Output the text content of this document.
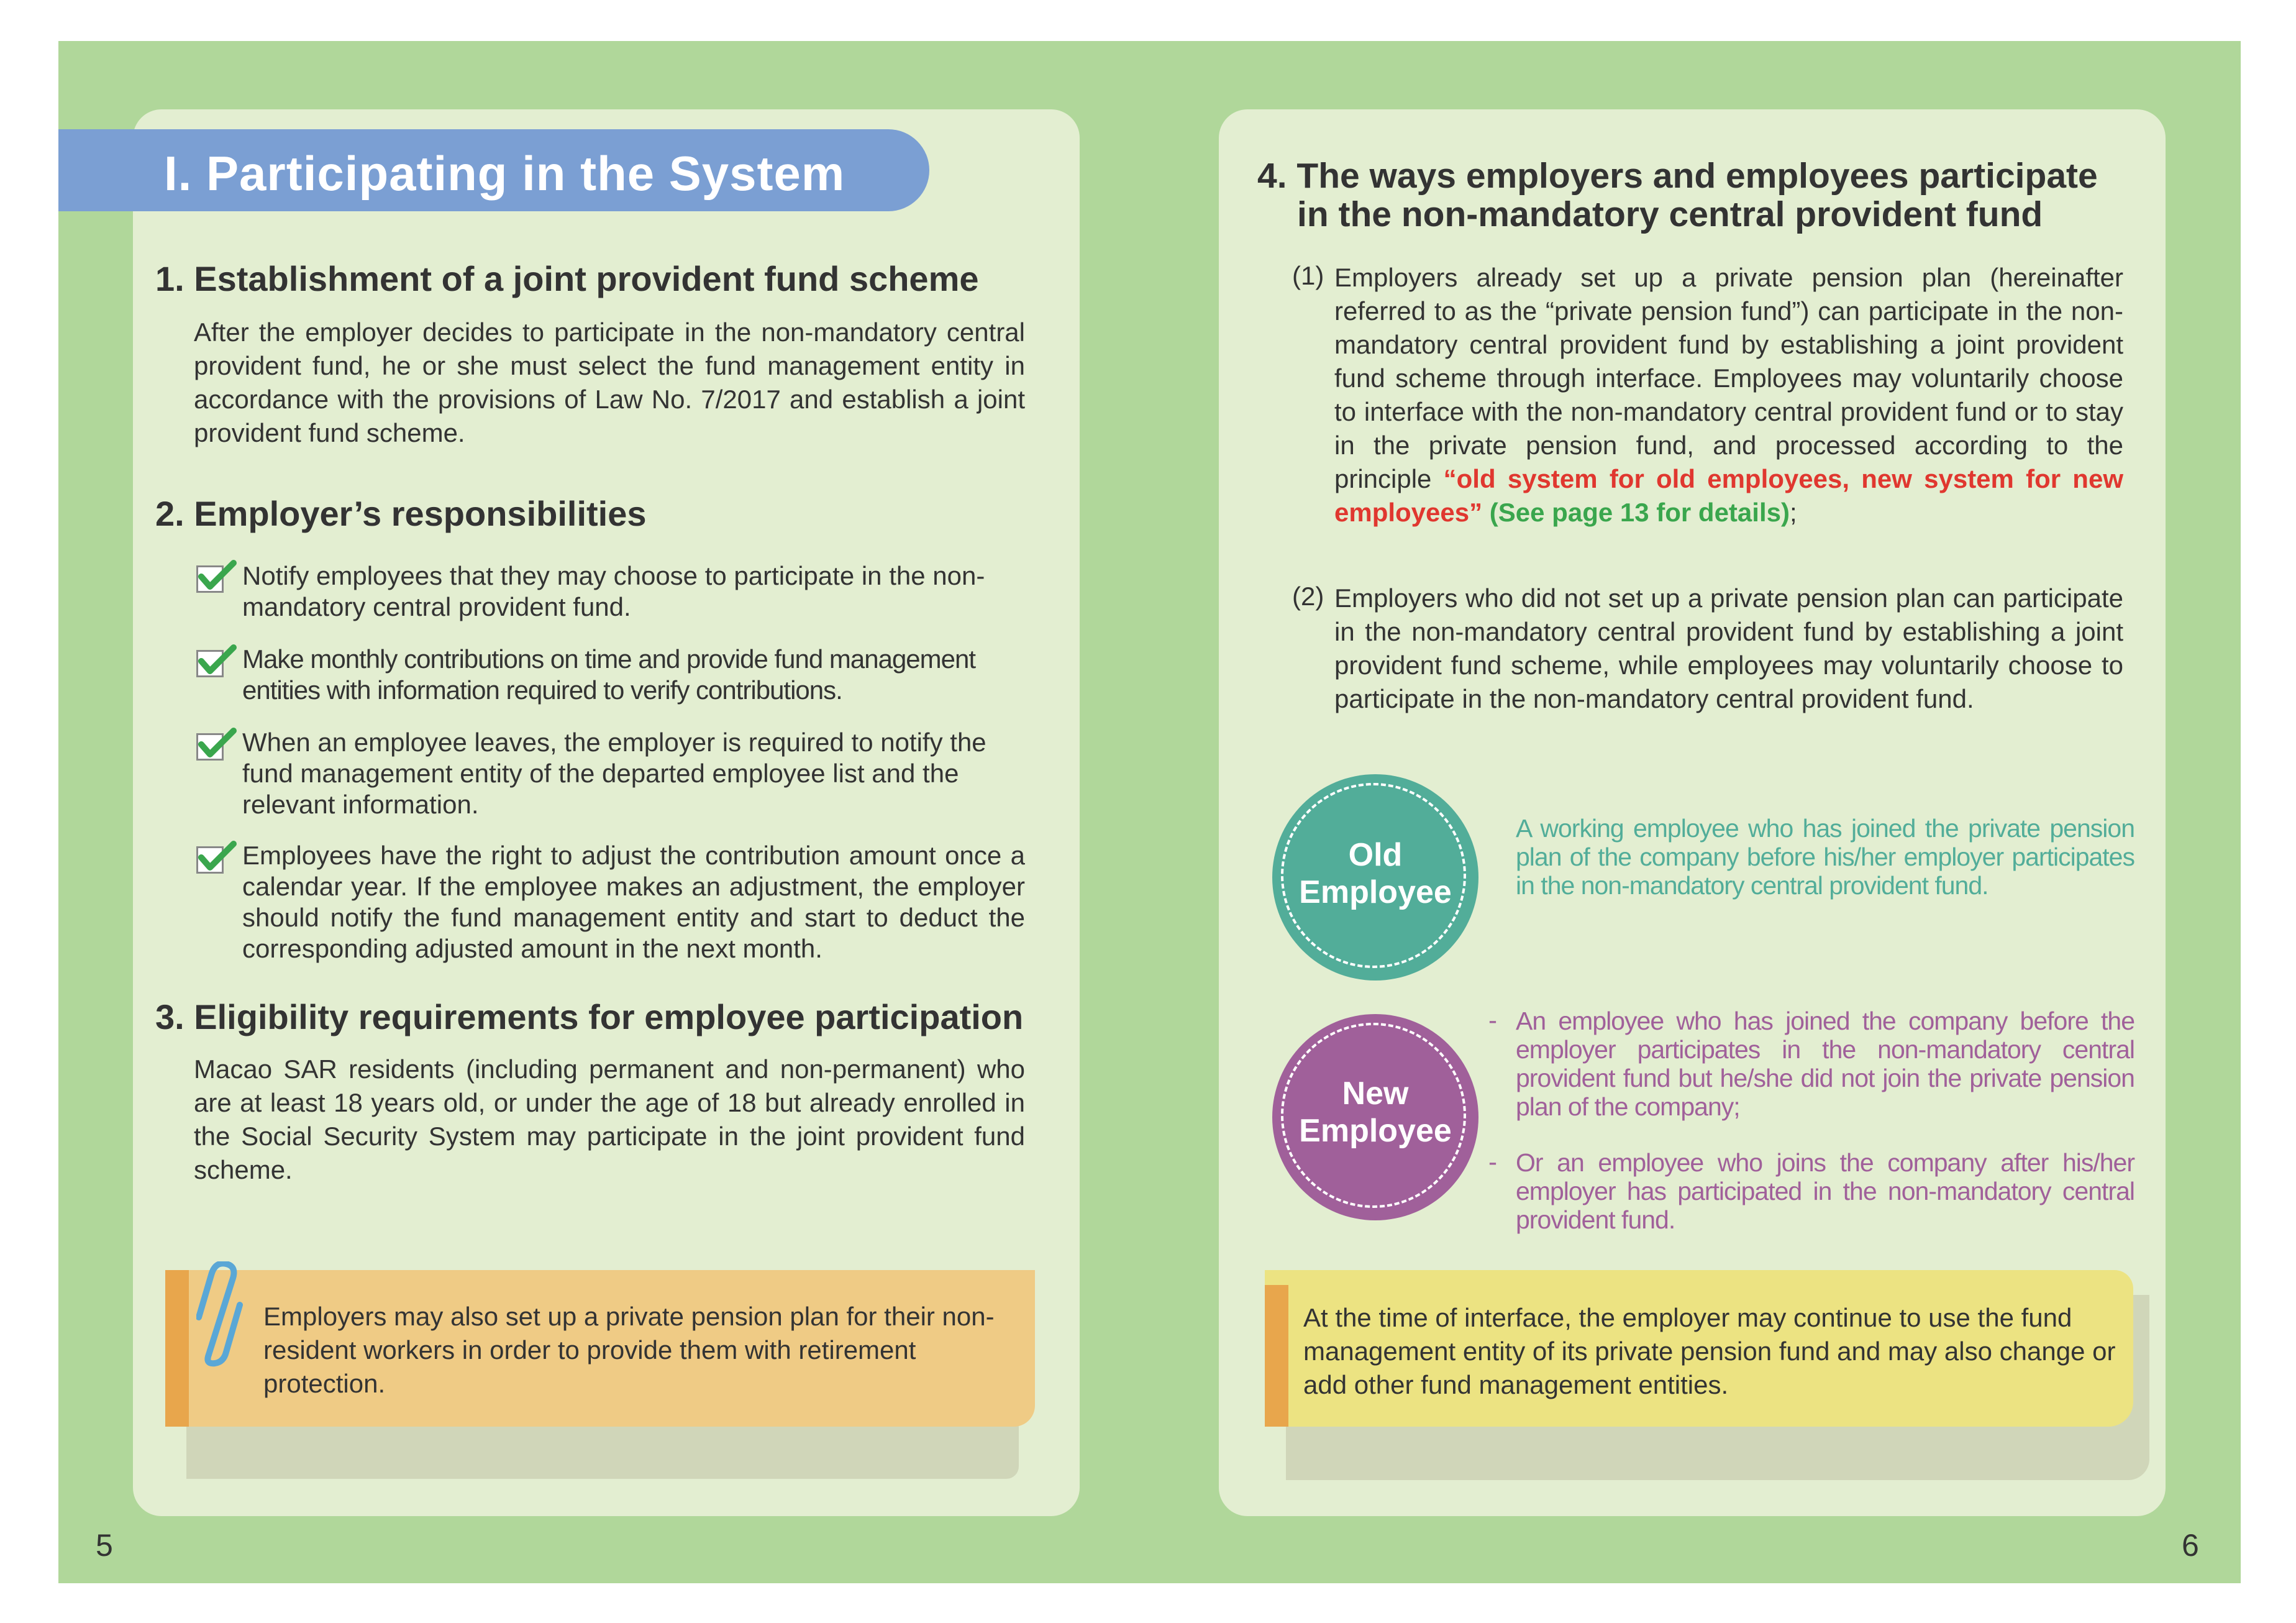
I. Participating in the System
1. Establishment of a joint provident fund scheme
After the employer decides to participate in the non-mandatory central provident fund, he or she must select the fund management entity in accordance with the provisions of Law No. 7/2017 and establish a joint provident fund scheme.
2. Employer’s responsibilities
Notify employees that they may choose to participate in the non-mandatory central provident fund.
Make monthly contributions on time and provide fund management entities with information required to verify contributions.
When an employee leaves, the employer is required to notify the fund management entity of the departed employee list and the relevant information.
Employees have the right to adjust the contribution amount once a calendar year. If the employee makes an adjustment, the employer should notify the fund management entity and start to deduct the corresponding adjusted amount in the next month.
3. Eligibility requirements for employee participation
Macao SAR residents (including permanent and non-permanent) who are at least 18 years old, or under the age of 18 but already enrolled in the Social Security System may participate in the joint provident fund scheme.
Employers may also set up a private pension plan for their non-resident workers in order to provide them with retirement protection.
5
4. The ways employers and employees participate
in the non-mandatory central provident fund
(1) Employers already set up a private pension plan (hereinafter referred to as the “private pension fund”) can participate in the non-mandatory central provident fund by establishing a joint provident fund scheme through interface. Employees may voluntarily choose to interface with the non-mandatory central provident fund or to stay in the private pension fund, and processed according to the principle “old system for old employees, new system for new employees” (See page 13 for details);
(2) Employers who did not set up a private pension plan can participate in the non-mandatory central provident fund by establishing a joint provident fund scheme, while employees may voluntarily choose to participate in the non-mandatory central provident fund.
Old
Employee
A working employee who has joined the private pension plan of the company before his/her employer participates in the non-mandatory central provident fund.
New
Employee
- An employee who has joined the company before the employer participates in the non-mandatory central provident fund but he/she did not join the private pension plan of the company;
- Or an employee who joins the company after his/her employer has participated in the non-mandatory central provident fund.
At the time of interface, the employer may continue to use the fund management entity of its private pension fund and may also change or add other fund management entities.
6
